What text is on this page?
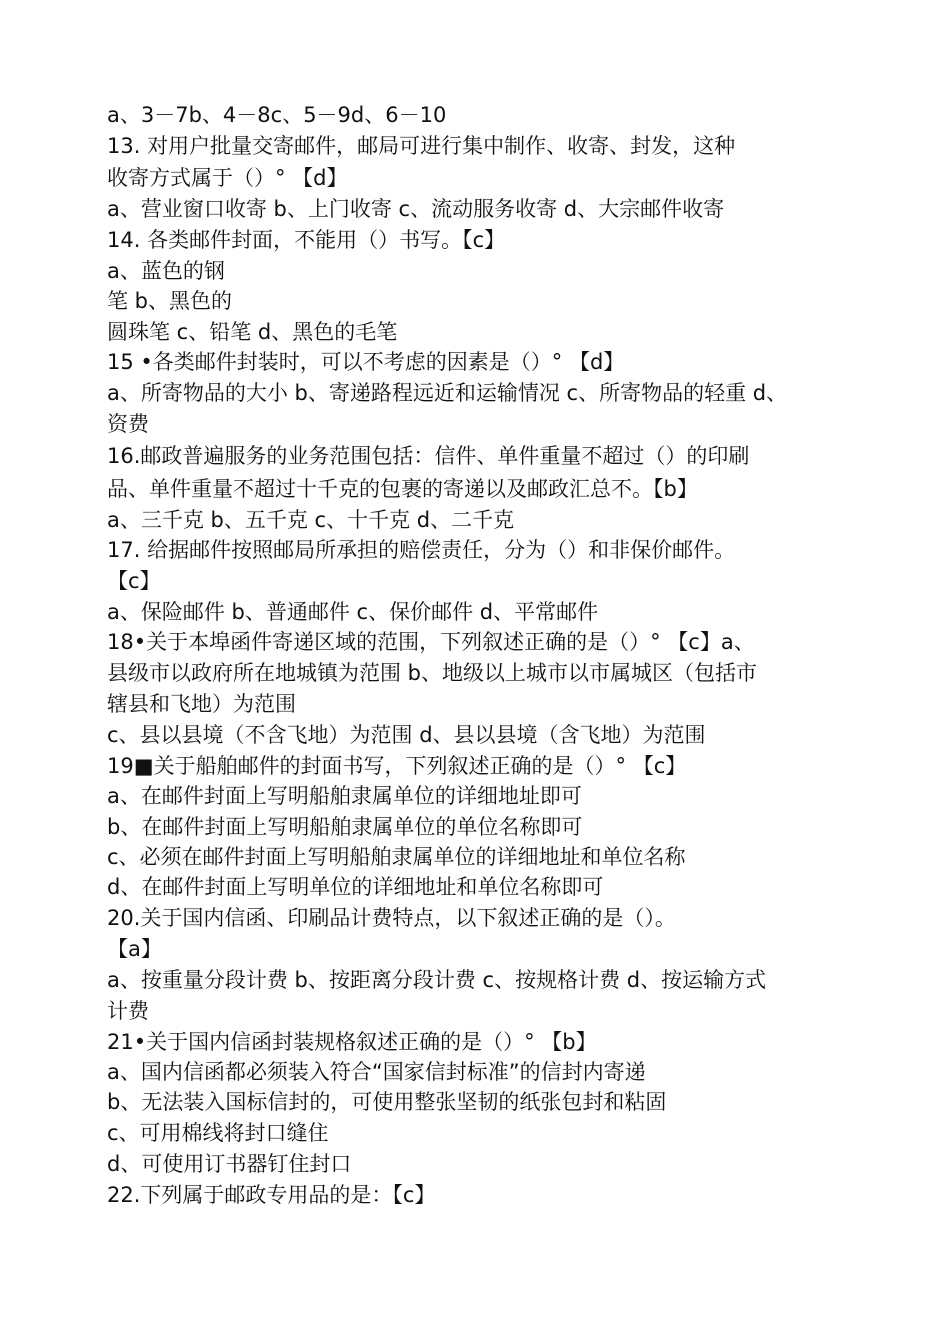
a、3－7b、4－8c、5－9d、6－10
13. 对用户批量交寄邮件，邮局可进行集中制作、收寄、封发，这种
收寄方式属于（）° 【d】
a、营业窗口收寄 b、上门收寄 c、流动服务收寄 d、大宗邮件收寄
14. 各类邮件封面，不能用（）书写。【c】
a、蓝色的钢
笔 b、黑色的
圆珠笔 c、铅笔 d、黑色的毛笔
15 •各类邮件封装时，可以不考虑的因素是（）° 【d】
a、所寄物品的大小 b、寄递路程远近和运输情况 c、所寄物品的轻重 d、
资费
16.邮政普遍服务的业务范围包括：信件、单件重量不超过（）的印刷
品、单件重量不超过十千克的包裹的寄递以及邮政汇总不。【b】
a、三千克 b、五千克 c、十千克 d、二千克
17. 给据邮件按照邮局所承担的赔偿责任，分为（）和非保价邮件。
【c】
a、保险邮件 b、普通邮件 c、保价邮件 d、平常邮件
18•关于本埠函件寄递区域的范围，下列叙述正确的是（）° 【c】a、
县级市以政府所在地城镇为范围 b、地级以上城市以市属城区（包括市
辖县和飞地）为范围
c、县以县境（不含飞地）为范围 d、县以县境（含飞地）为范围
19■关于船舶邮件的封面书写，下列叙述正确的是（）° 【c】
a、在邮件封面上写明船舶隶属单位的详细地址即可
b、在邮件封面上写明船舶隶属单位的单位名称即可
c、必须在邮件封面上写明船舶隶属单位的详细地址和单位名称
d、在邮件封面上写明单位的详细地址和单位名称即可
20.关于国内信函、印刷品计费特点，以下叙述正确的是（）。
【a】
a、按重量分段计费 b、按距离分段计费 c、按规格计费 d、按运输方式
计费
21•关于国内信函封装规格叙述正确的是（）° 【b】
a、国内信函都必须装入符合“国家信封标准”的信封内寄递
b、无法装入国标信封的，可使用整张坚韧的纸张包封和粘固
c、可用棉线将封口缝住
d、可使用订书器钉住封口
22.下列属于邮政专用品的是：【c】
